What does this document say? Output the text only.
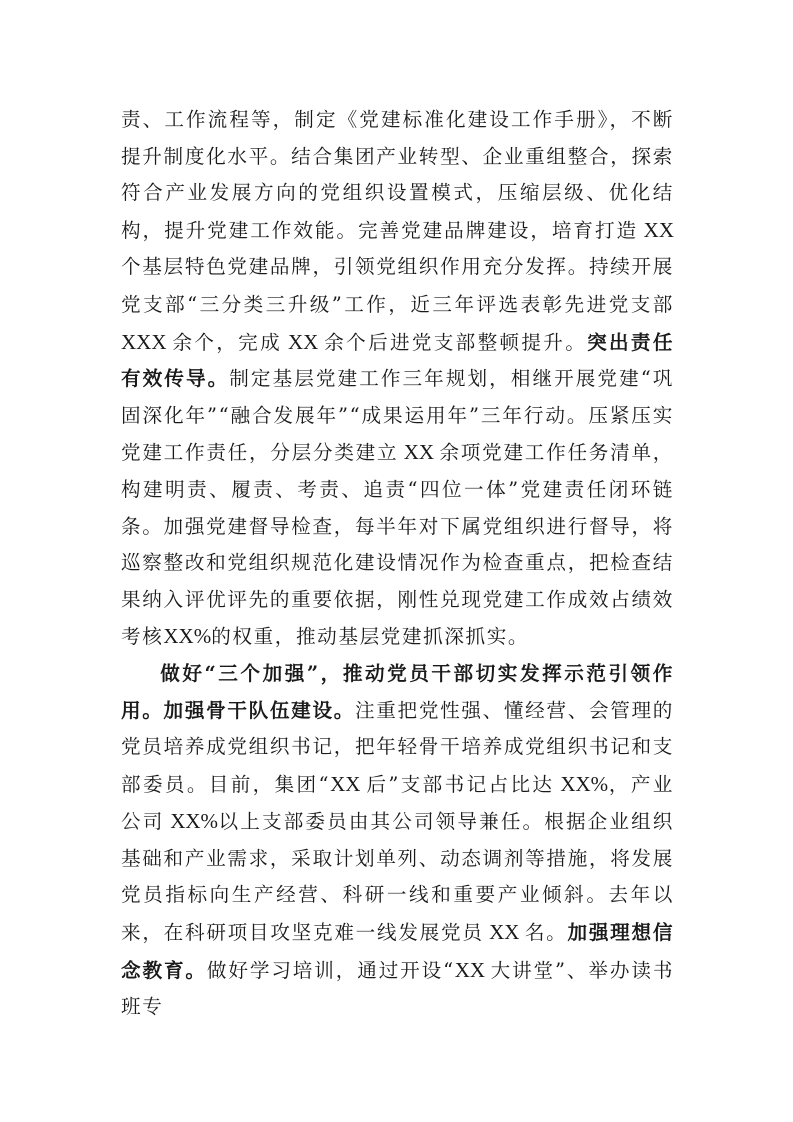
责、工作流程等，制定《党建标准化建设工作手册》，不断提升制度化水平。结合集团产业转型、企业重组整合，探索符合产业发展方向的党组织设置模式，压缩层级、优化结构，提升党建工作效能。完善党建品牌建设，培育打造 XX 个基层特色党建品牌，引领党组织作用充分发挥。持续开展党支部“三分类三升级”工作，近三年评选表彰先进党支部 XXX 余个，完成 XX 余个后进党支部整顿提升。突出责任有效传导。制定基层党建工作三年规划，相继开展党建“巩固深化年”“融合发展年”“成果运用年”三年行动。压紧压实党建工作责任，分层分类建立 XX 余项党建工作任务清单，构建明责、履责、考责、追责“四位一体”党建责任闭环链条。加强党建督导检查，每半年对下属党组织进行督导，将巡察整改和党组织规范化建设情况作为检查重点，把检查结果纳入评优评先的重要依据，刚性兑现党建工作成效占绩效考核XX%的权重，推动基层党建抓深抓实。

做好“三个加强”，推动党员干部切实发挥示范引领作用。加强骨干队伍建设。注重把党性强、懂经营、会管理的党员培养成党组织书记，把年轻骨干培养成党组织书记和支部委员。目前，集团“XX 后”支部书记占比达 XX%，产业公司 XX%以上支部委员由其公司领导兼任。根据企业组织基础和产业需求，采取计划单列、动态调剂等措施，将发展党员指标向生产经营、科研一线和重要产业倾斜。去年以来，在科研项目攻坚克难一线发展党员 XX 名。加强理想信念教育。做好学习培训，通过开设“XX 大讲堂”、举办读书班专
